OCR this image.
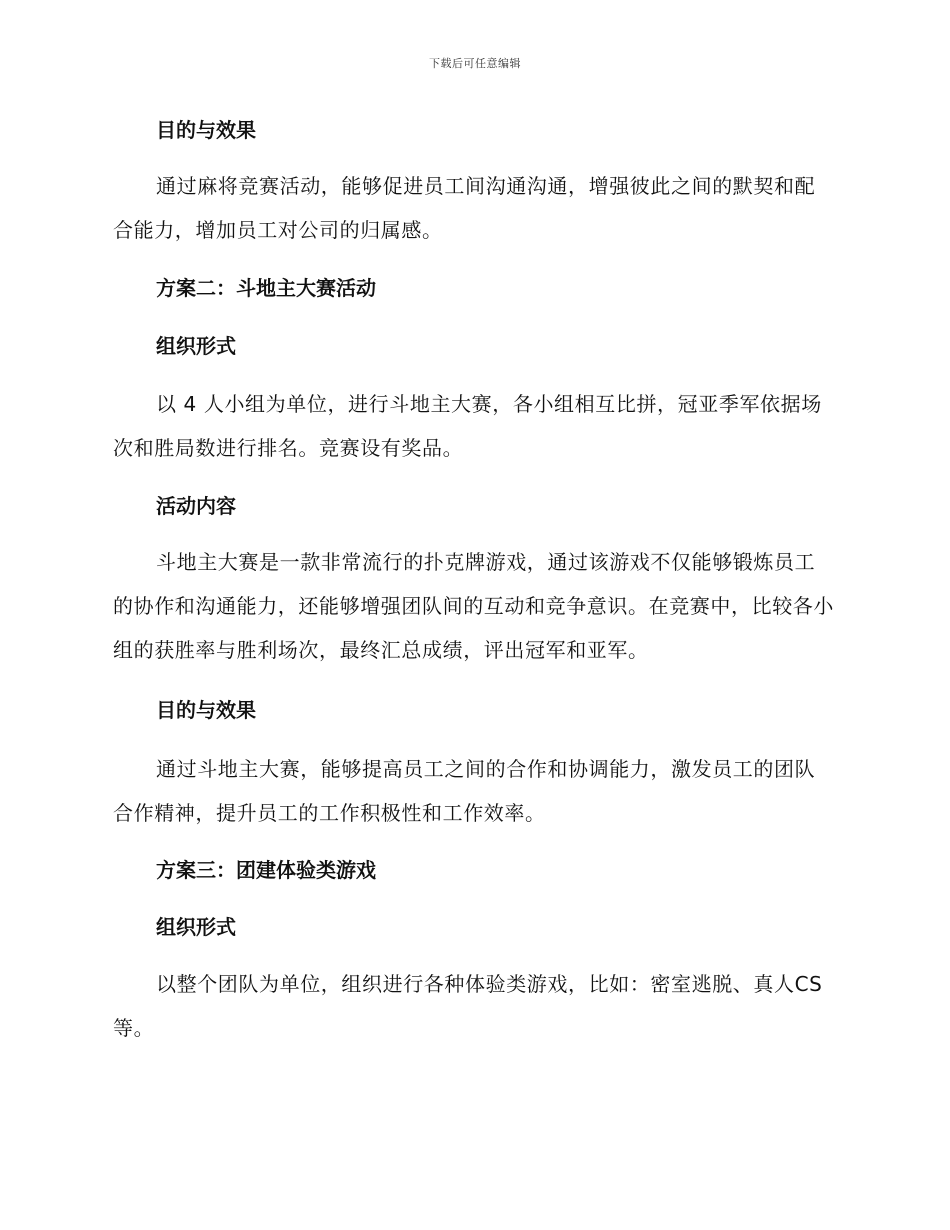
下载后可任意编辑
目的与效果
通过麻将竞赛活动，能够促进员工间沟通沟通，增强彼此之间的默契和配合能力，增加员工对公司的归属感。
方案二：斗地主大赛活动
组织形式
以 4 人小组为单位，进行斗地主大赛，各小组相互比拼，冠亚季军依据场次和胜局数进行排名。竞赛设有奖品。
活动内容
斗地主大赛是一款非常流行的扑克牌游戏，通过该游戏不仅能够锻炼员工的协作和沟通能力，还能够增强团队间的互动和竞争意识。在竞赛中，比较各小组的获胜率与胜利场次，最终汇总成绩，评出冠军和亚军。
目的与效果
通过斗地主大赛，能够提高员工之间的合作和协调能力，激发员工的团队合作精神，提升员工的工作积极性和工作效率。
方案三：团建体验类游戏
组织形式
以整个团队为单位，组织进行各种体验类游戏，比如：密室逃脱、真人CS 等。
